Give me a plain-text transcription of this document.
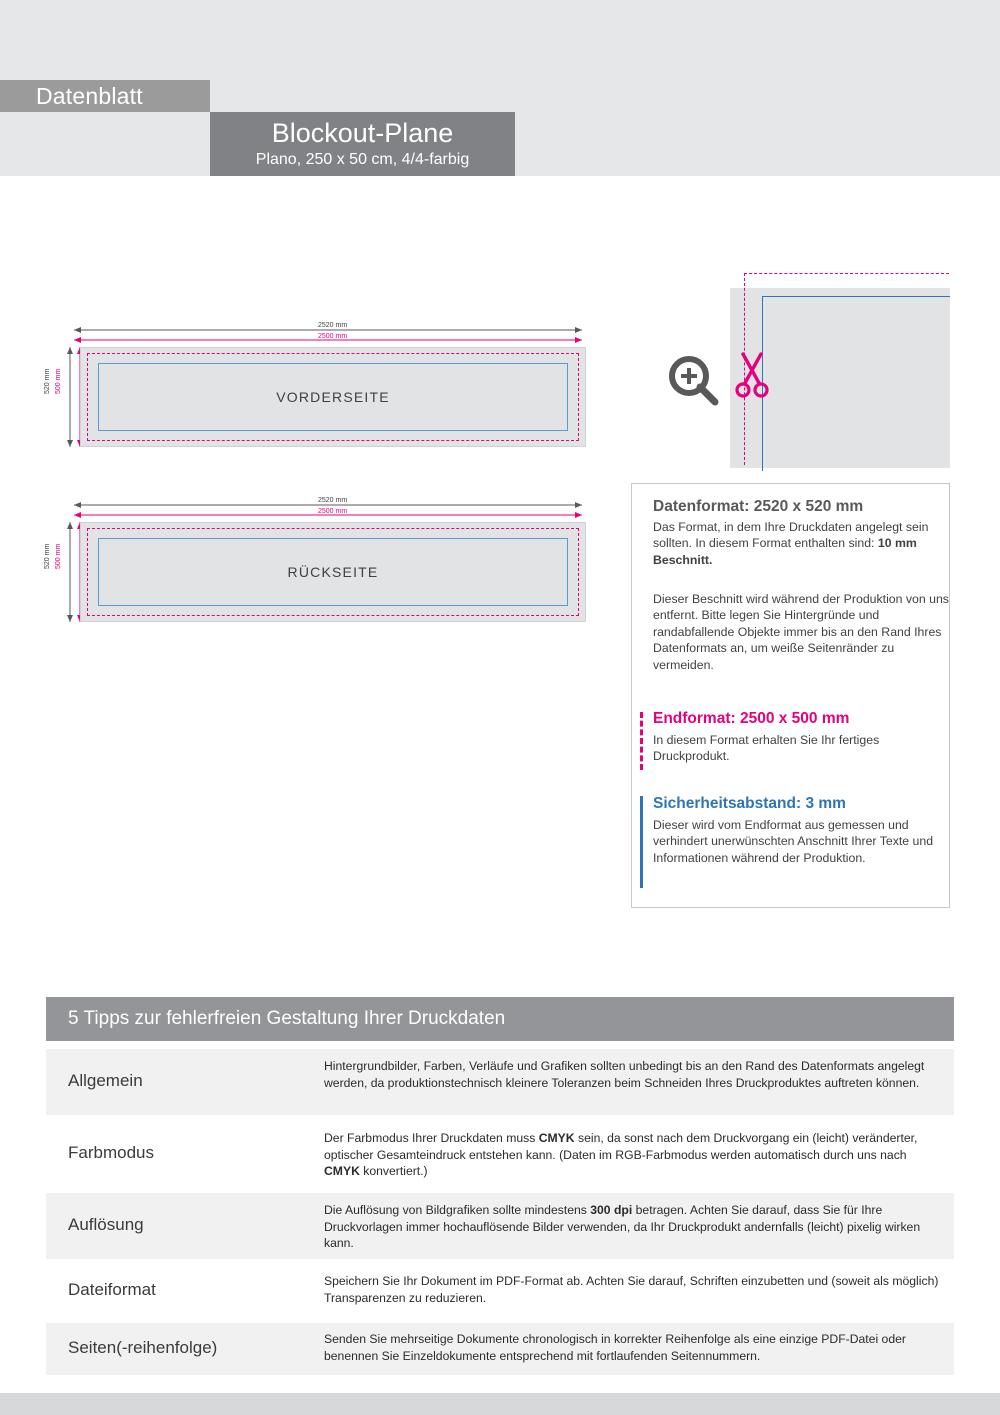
Datenblatt
Blockout-Plane
Plano, 250 x 50 cm, 4/4-farbig
2520 mm
2500 mm
520 mm 500 mm
VORDERSEITE
2520 mm
2500 mm
520 mm 500 mm
RÜCKSEITE
Datenformat: 2520 x 520 mm
Das Format, in dem Ihre Druckdaten angelegt sein sollten. In diesem Format enthalten sind: 10 mm Beschnitt.
Dieser Beschnitt wird während der Produktion von uns entfernt. Bitte legen Sie Hintergründe und randabfallende Objekte immer bis an den Rand Ihres Datenformats an, um weiße Seitenränder zu vermeiden.
Endformat: 2500 x 500 mm
In diesem Format erhalten Sie Ihr fertiges Druckprodukt.
Sicherheitsabstand: 3 mm
Dieser wird vom Endformat aus gemessen und verhindert unerwünschten Anschnitt Ihrer Texte und Informationen während der Produktion.
5 Tipps zur fehlerfreien Gestaltung Ihrer Druckdaten
Allgemein
Hintergrundbilder, Farben, Verläufe und Grafiken sollten unbedingt bis an den Rand des Datenformats angelegt werden, da produktionstechnisch kleinere Toleranzen beim Schneiden Ihres Druckproduktes auftreten können.
Farbmodus
Der Farbmodus Ihrer Druckdaten muss CMYK sein, da sonst nach dem Druckvorgang ein (leicht) veränderter, optischer Gesamteindruck entstehen kann. (Daten im RGB-Farbmodus werden automatisch durch uns nach CMYK konvertiert.)
Auflösung
Die Auflösung von Bildgrafiken sollte mindestens 300 dpi betragen. Achten Sie darauf, dass Sie für Ihre Druckvorlagen immer hochauflösende Bilder verwenden, da Ihr Druckprodukt andernfalls (leicht) pixelig wirken kann.
Dateiformat	Speichern Sie Ihr Dokument im PDF-Format ab. Achten Sie darauf, Schriften einzubetten und (soweit als möglich) Transparenzen zu reduzieren.
Seiten(-reihenfolge)	Senden Sie mehrseitige Dokumente chronologisch in korrekter Reihenfolge als eine einzige PDF-Datei oder benennen Sie Einzeldokumente entsprechend mit fortlaufenden Seitennummern.
